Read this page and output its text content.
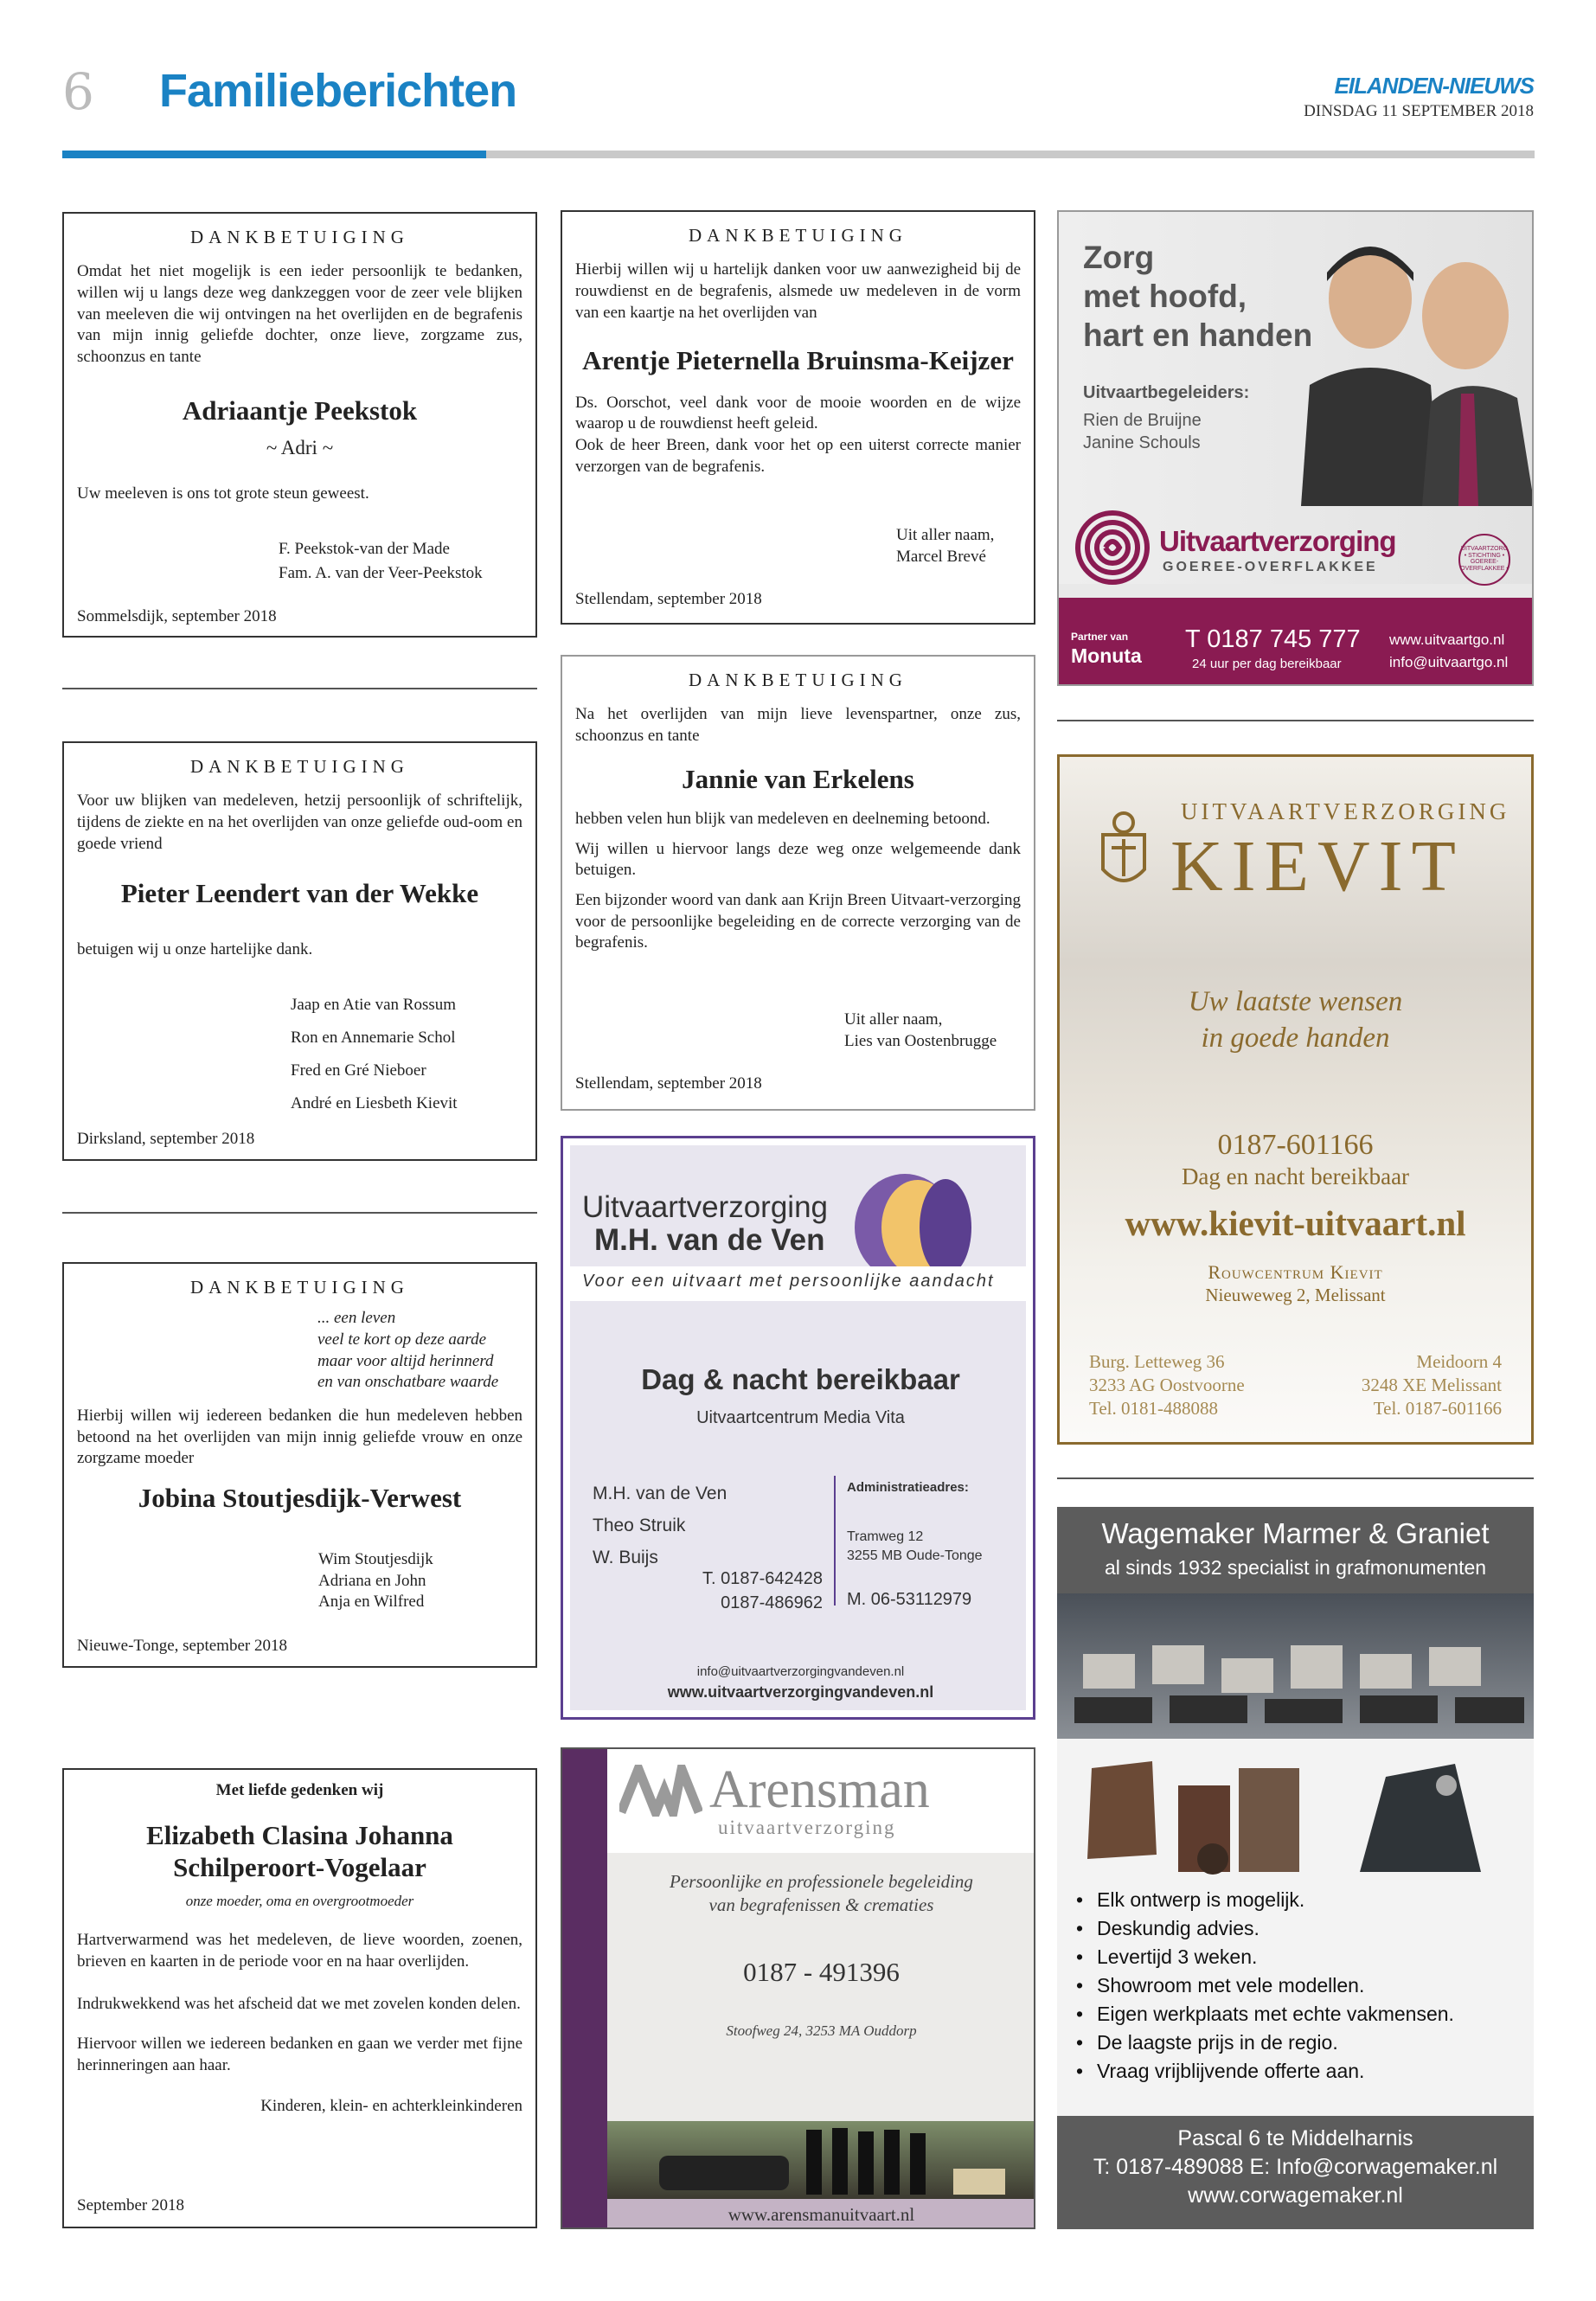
6 Familieberichten	EILANDEN-NIEUWS
DINSDAG 11 SEPTEMBER 2018
DANKBETUIGING

Omdat het niet mogelijk is een ieder persoonlijk te bedanken, willen wij u langs deze weg dankzeggen voor de zeer vele blijken van meeleven die wij ontvingen na het overlijden en de begrafenis van mijn innig geliefde dochter, onze lieve, zorgzame zus, schoonzus en tante

Adriaantje Peekstok
~ Adri ~

Uw meeleven is ons tot grote steun geweest.

F. Peekstok-van der Made
Fam. A. van der Veer-Peekstok
Sommelsdijk, september 2018
DANKBETUIGING

Voor uw blijken van medeleven, hetzij persoonlijk of schriftelijk, tijdens de ziekte en na het overlijden van onze geliefde oud-oom en goede vriend

Pieter Leendert van der Wekke

betuigen wij u onze hartelijke dank.

Jaap en Atie van Rossum
Ron en Annemarie Schol
Fred en Gré Nieboer
André en Liesbeth Kievit
Dirksland, september 2018
DANKBETUIGING
... een leven
veel te kort op deze aarde
maar voor altijd herinnerd
en van onschatbare waarde

Hierbij willen wij iedereen bedanken die hun medeleven hebben betoond na het overlijden van mijn innig geliefde vrouw en onze zorgzame moeder

Jobina Stoutjesdijk-Verwest
Wim Stoutjesdijk
Adriana en John
Anja en Wilfred
Nieuwe-Tonge, september 2018
Met liefde gedenken wij
Elizabeth Clasina Johanna Schilperoort-Vogelaar
onze moeder, oma en overgrootmoeder

Hartverwarmend was het medeleven, de lieve woorden, zoenen, brieven en kaarten in de periode voor en na haar overlijden.

Indrukwekkend was het afscheid dat we met zovelen konden delen.

Hiervoor willen we iedereen bedanken en gaan we verder met fijne herinneringen aan haar.

Kinderen, klein- en achterkleinkinderen
September 2018
DANKBETUIGING

Hierbij willen wij u hartelijk danken voor uw aanwezigheid bij de rouwdienst en de begrafenis, alsmede uw medeleven in de vorm van een kaartje na het overlijden van

Arentje Pieternella Bruinsma-Keijzer

Ds. Oorschot, veel dank voor de mooie woorden en de wijze waarop u de rouwdienst heeft geleid.
Ook de heer Breen, dank voor het op een uiterst correcte manier verzorgen van de begrafenis.

Uit aller naam,
Marcel Brevé
Stellendam, september 2018
DANKBETUIGING

Na het overlijden van mijn lieve levenspartner, onze zus, schoonzus en tante

Jannie van Erkelens

hebben velen hun blijk van medeleven en deelneming betoond.

Wij willen u hiervoor langs deze weg onze welgemeende dank betuigen.

Een bijzonder woord van dank aan Krijn Breen Uitvaart-verzorging voor de persoonlijke begeleiding en de correcte verzorging van de begrafenis.

Uit aller naam,
Lies van Oostenbrugge
Stellendam, september 2018
Uitvaartverzorging
M.H. van de Ven
Voor een uitvaart met persoonlijke aandacht
Dag & nacht bereikbaar
Uitvaartcentrum Media Vita
M.H. van de Ven
Theo Struik
W. Buijs
T. 0187-642428
0187-486962
Administratieadres:
Tramweg 12
3255 MB Oude-Tonge
M. 06-53112979
info@uitvaartverzorgingvandeven.nl
www.uitvaartverzorgingvandeven.nl
Arensman
uitvaartverzorging
Persoonlijke en professionele begeleiding
van begrafenissen & crematies
0187 - 491396
Stoofweg 24, 3253 MA Ouddorp
www.arensmanuitvaart.nl
Zorg
met hoofd,
hart en handen
Uitvaartbegeleiders:
Rien de Bruijne
Janine Schouls
Uitvaartverzorging
GOEREE-OVERFLAKKEE
UITVAARTZORG • STICHTING • GOEREE-OVERFLAKKEE •
Partner van
Monuta
T 0187 745 777
24 uur per dag bereikbaar
www.uitvaartgo.nl
info@uitvaartgo.nl
UITVAARTVERZORGING
KIEVIT
Uw laatste wensen
in goede handen
0187-601166
Dag en nacht bereikbaar
www.kievit-uitvaart.nl
Rouwcentrum Kievit
Nieuweweg 2, Melissant
Burg. Letteweg 36
3233 AG Oostvoorne
Tel. 0181-488088
Meidoorn 4
3248 XE Melissant
Tel. 0187-601166
Wagemaker Marmer & Graniet
al sinds 1932 specialist in grafmonumenten
• Elk ontwerp is mogelijk.
• Deskundig advies.
• Levertijd 3 weken.
• Showroom met vele modellen.
• Eigen werkplaats met echte vakmensen.
• De laagste prijs in de regio.
• Vraag vrijblijvende offerte aan.
Pascal 6 te Middelharnis
T: 0187-489088 E: Info@corwagemaker.nl
www.corwagemaker.nl
